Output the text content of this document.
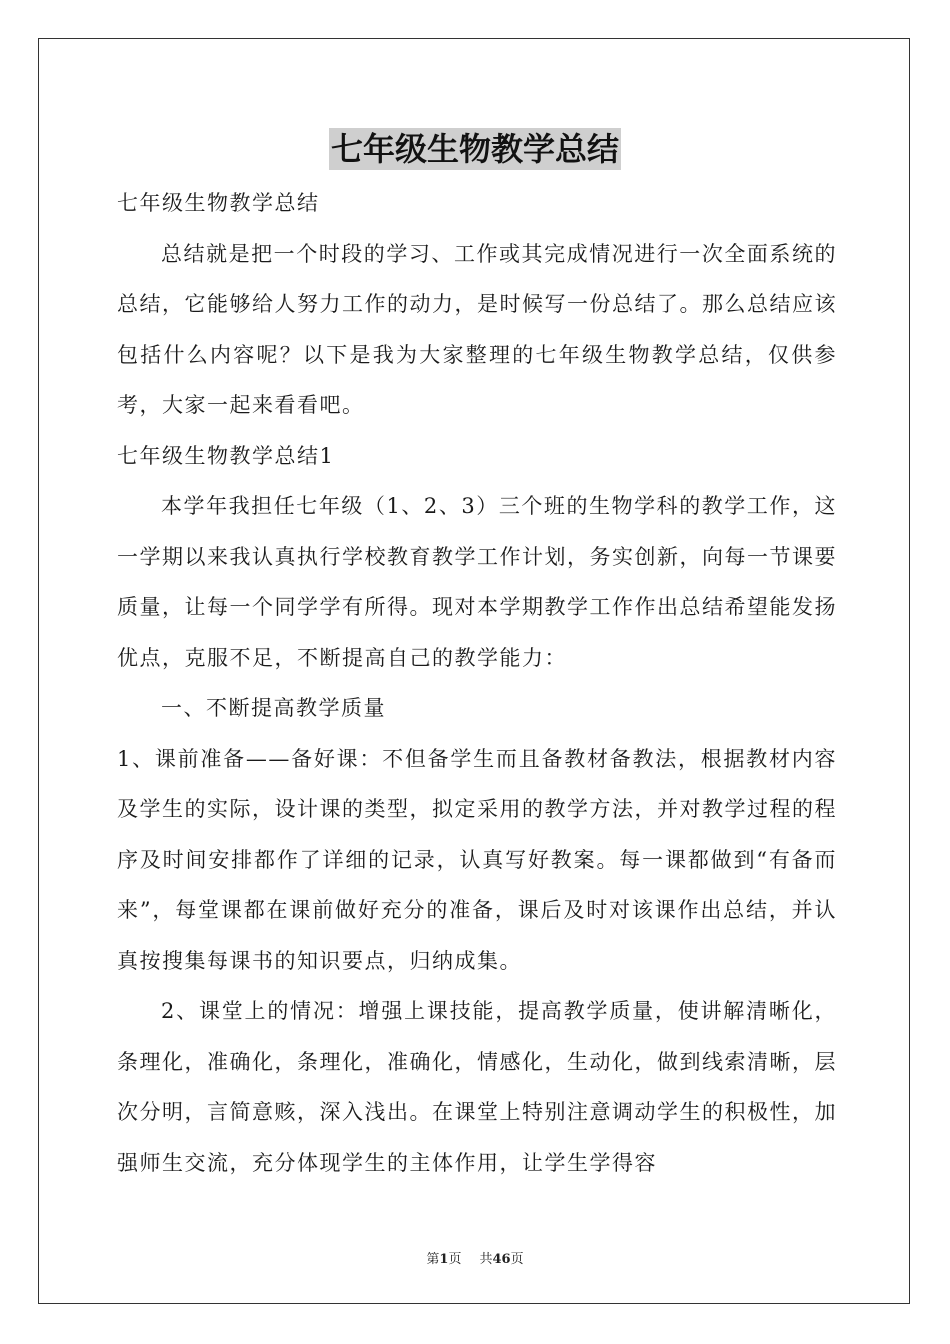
七年级生物教学总结

七年级生物教学总结

总结就是把一个时段的学习、工作或其完成情况进行一次全面系统的总结，它能够给人努力工作的动力，是时候写一份总结了。那么总结应该包括什么内容呢？以下是我为大家整理的七年级生物教学总结，仅供参考，大家一起来看看吧。

七年级生物教学总结1

本学年我担任七年级（1、2、3）三个班的生物学科的教学工作，这一学期以来我认真执行学校教育教学工作计划，务实创新，向每一节课要质量，让每一个同学学有所得。现对本学期教学工作作出总结希望能发扬优点，克服不足，不断提高自己的教学能力：

一、不断提高教学质量

1、课前准备——备好课：不但备学生而且备教材备教法，根据教材内容及学生的实际，设计课的类型，拟定采用的教学方法，并对教学过程的程序及时间安排都作了详细的记录，认真写好教案。每一课都做到“有备而来”，每堂课都在课前做好充分的准备，课后及时对该课作出总结，并认真按搜集每课书的知识要点，归纳成集。

2、课堂上的情况：增强上课技能，提高教学质量，使讲解清晰化，条理化，准确化，条理化，准确化，情感化，生动化，做到线索清晰，层次分明，言简意赅，深入浅出。在课堂上特别注意调动学生的积极性，加强师生交流，充分体现学生的主体作用，让学生学得容

第1页 共46页
